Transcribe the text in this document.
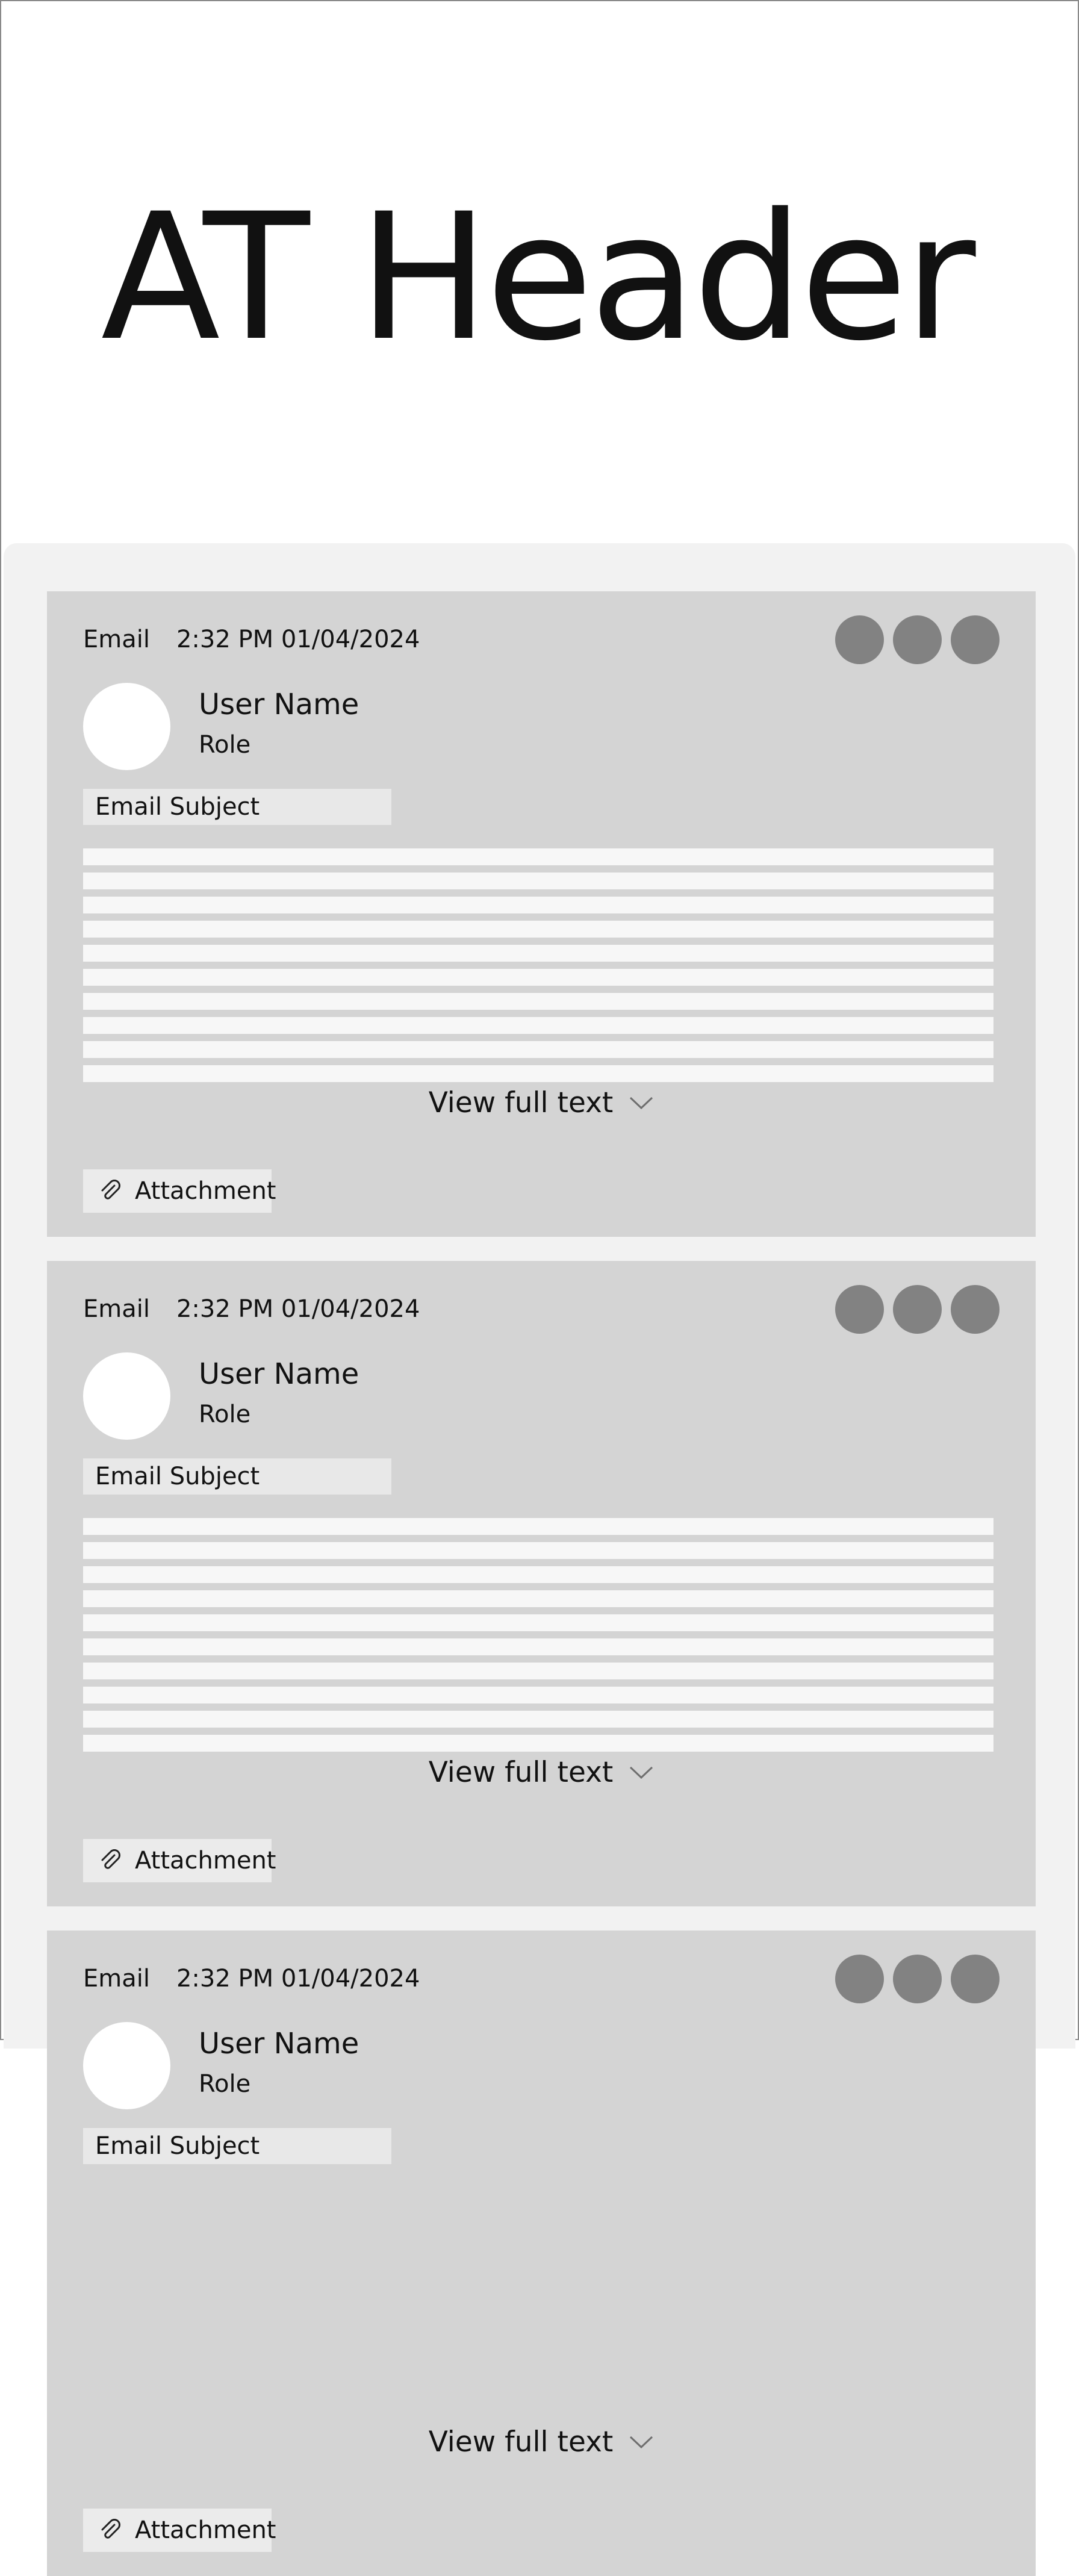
AT Header
Email 2:32 PM 01/04/2024
User Name
Role
Email Subject
View full text
Attachment
Email 2:32 PM 01/04/2024
User Name
Role
Email Subject
View full text
Attachment
Email 2:32 PM 01/04/2024
User Name
Role
Email Subject
View full text
Attachment
